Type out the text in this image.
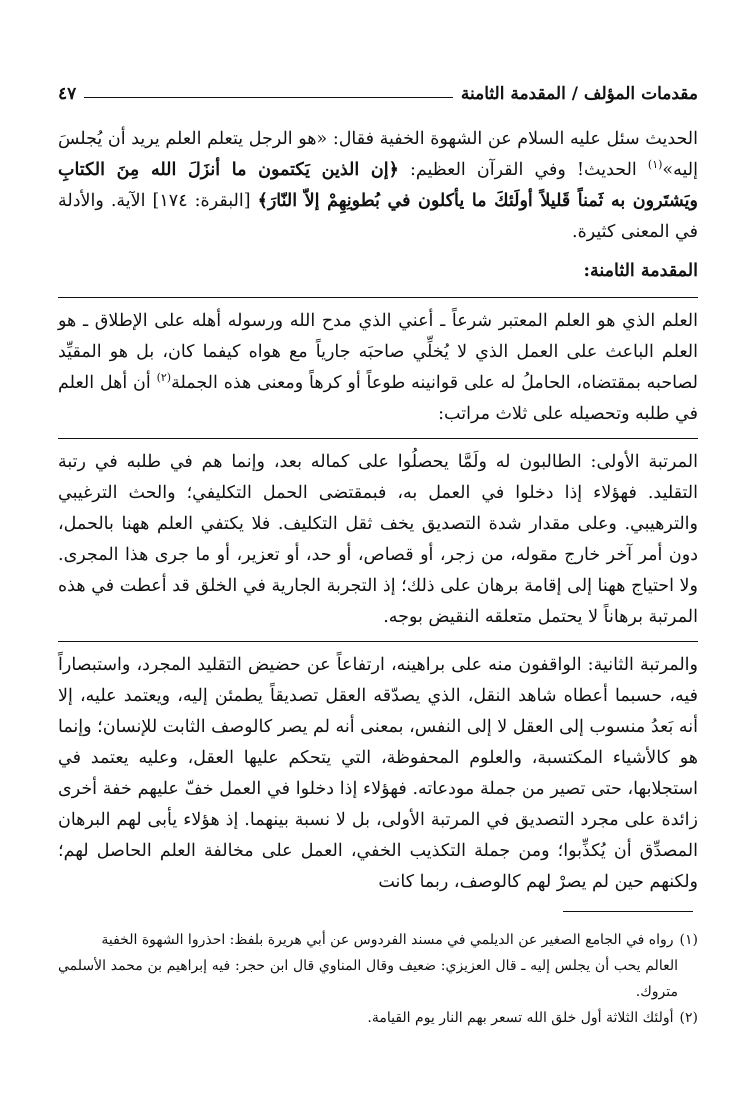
مقدمات المؤلف / المقدمة الثامنة
٤٧

الحديث سئل عليه السلام عن الشهوة الخفية فقال: «هو الرجل يتعلم العلم يريد أن يُجلسَ إليه»$^{(١)}$ الحديث! وفي القرآن العظيم: ﴿إن الذين يَكتمون ما أنزَلَ الله مِنَ الكتابِ ويَشتَرون به ثَمناً قَليلاً أولَئكَ ما يأكلون في بُطونِهِمْ إلاّ النّارَ﴾ [البقرة: ١٧٤] الآية. والأدلة في المعنى كثيرة.

المقدمة الثامنة:

العلم الذي هو العلم المعتبر شرعاً ـ أعني الذي مدح الله ورسوله أهله على الإطلاق ـ هو العلم الباعث على العمل الذي لا يُخلِّي صاحبَه جارياً مع هواه كيفما كان، بل هو المقيِّد لصاحبه بمقتضاه، الحاملُ له على قوانينه طوعاً أو كرهاً ومعنى هذه الجملة$^{(٢)}$ أن أهل العلم في طلبه وتحصيله على ثلاث مراتب:

المرتبة الأولى: الطالبون له ولَمَّا يحصلُوا على كماله بعد، وإنما هم في طلبه في رتبة التقليد. فهؤلاء إذا دخلوا في العمل به، فبمقتضى الحمل التكليفي؛ والحث الترغيبي والترهيبي. وعلى مقدار شدة التصديق يخف ثقل التكليف. فلا يكتفي العلم ههنا بالحمل، دون أمر آخر خارج مقوله، من زجر، أو قصاص، أو حد، أو تعزير، أو ما جرى هذا المجرى. ولا احتياج ههنا إلى إقامة برهان على ذلك؛ إذ التجربة الجارية في الخلق قد أعطت في هذه المرتبة برهاناً لا يحتمل متعلقه النقيض بوجه.

والمرتبة الثانية: الواقفون منه على براهينه، ارتفاعاً عن حضيض التقليد المجرد، واستبصاراً فيه، حسبما أعطاه شاهد النقل، الذي يصدّقه العقل تصديقاً يطمئن إليه، ويعتمد عليه، إلا أنه بَعدُ منسوب إلى العقل لا إلى النفس، بمعنى أنه لم يصر كالوصف الثابت للإنسان؛ وإنما هو كالأشياء المكتسبة، والعلوم المحفوظة، التي يتحكم عليها العقل، وعليه يعتمد في استجلابها، حتى تصير من جملة مودعاته. فهؤلاء إذا دخلوا في العمل خفّ عليهم خفة أخرى زائدة على مجرد التصديق في المرتبة الأولى، بل لا نسبة بينهما. إذ هؤلاء يأبى لهم البرهان المصدِّق أن يُكذِّبوا؛ ومن جملة التكذيب الخفي، العمل على مخالفة العلم الحاصل لهم؛ ولكنهم حين لم يصرْ لهم كالوصف، ربما كانت

(١)رواه في الجامع الصغير عن الديلمي في مسند الفردوس عن أبي هريرة بلفظ: احذروا الشهوة الخفية

العالم يحب أن يجلس إليه ـ قال العزيزي: ضعيف وقال المناوي قال ابن حجر: فيه إبراهيم بن محمد الأسلمي متروك.

(٢)أولئك الثلاثة أول خلق الله تسعر بهم النار يوم القيامة.
